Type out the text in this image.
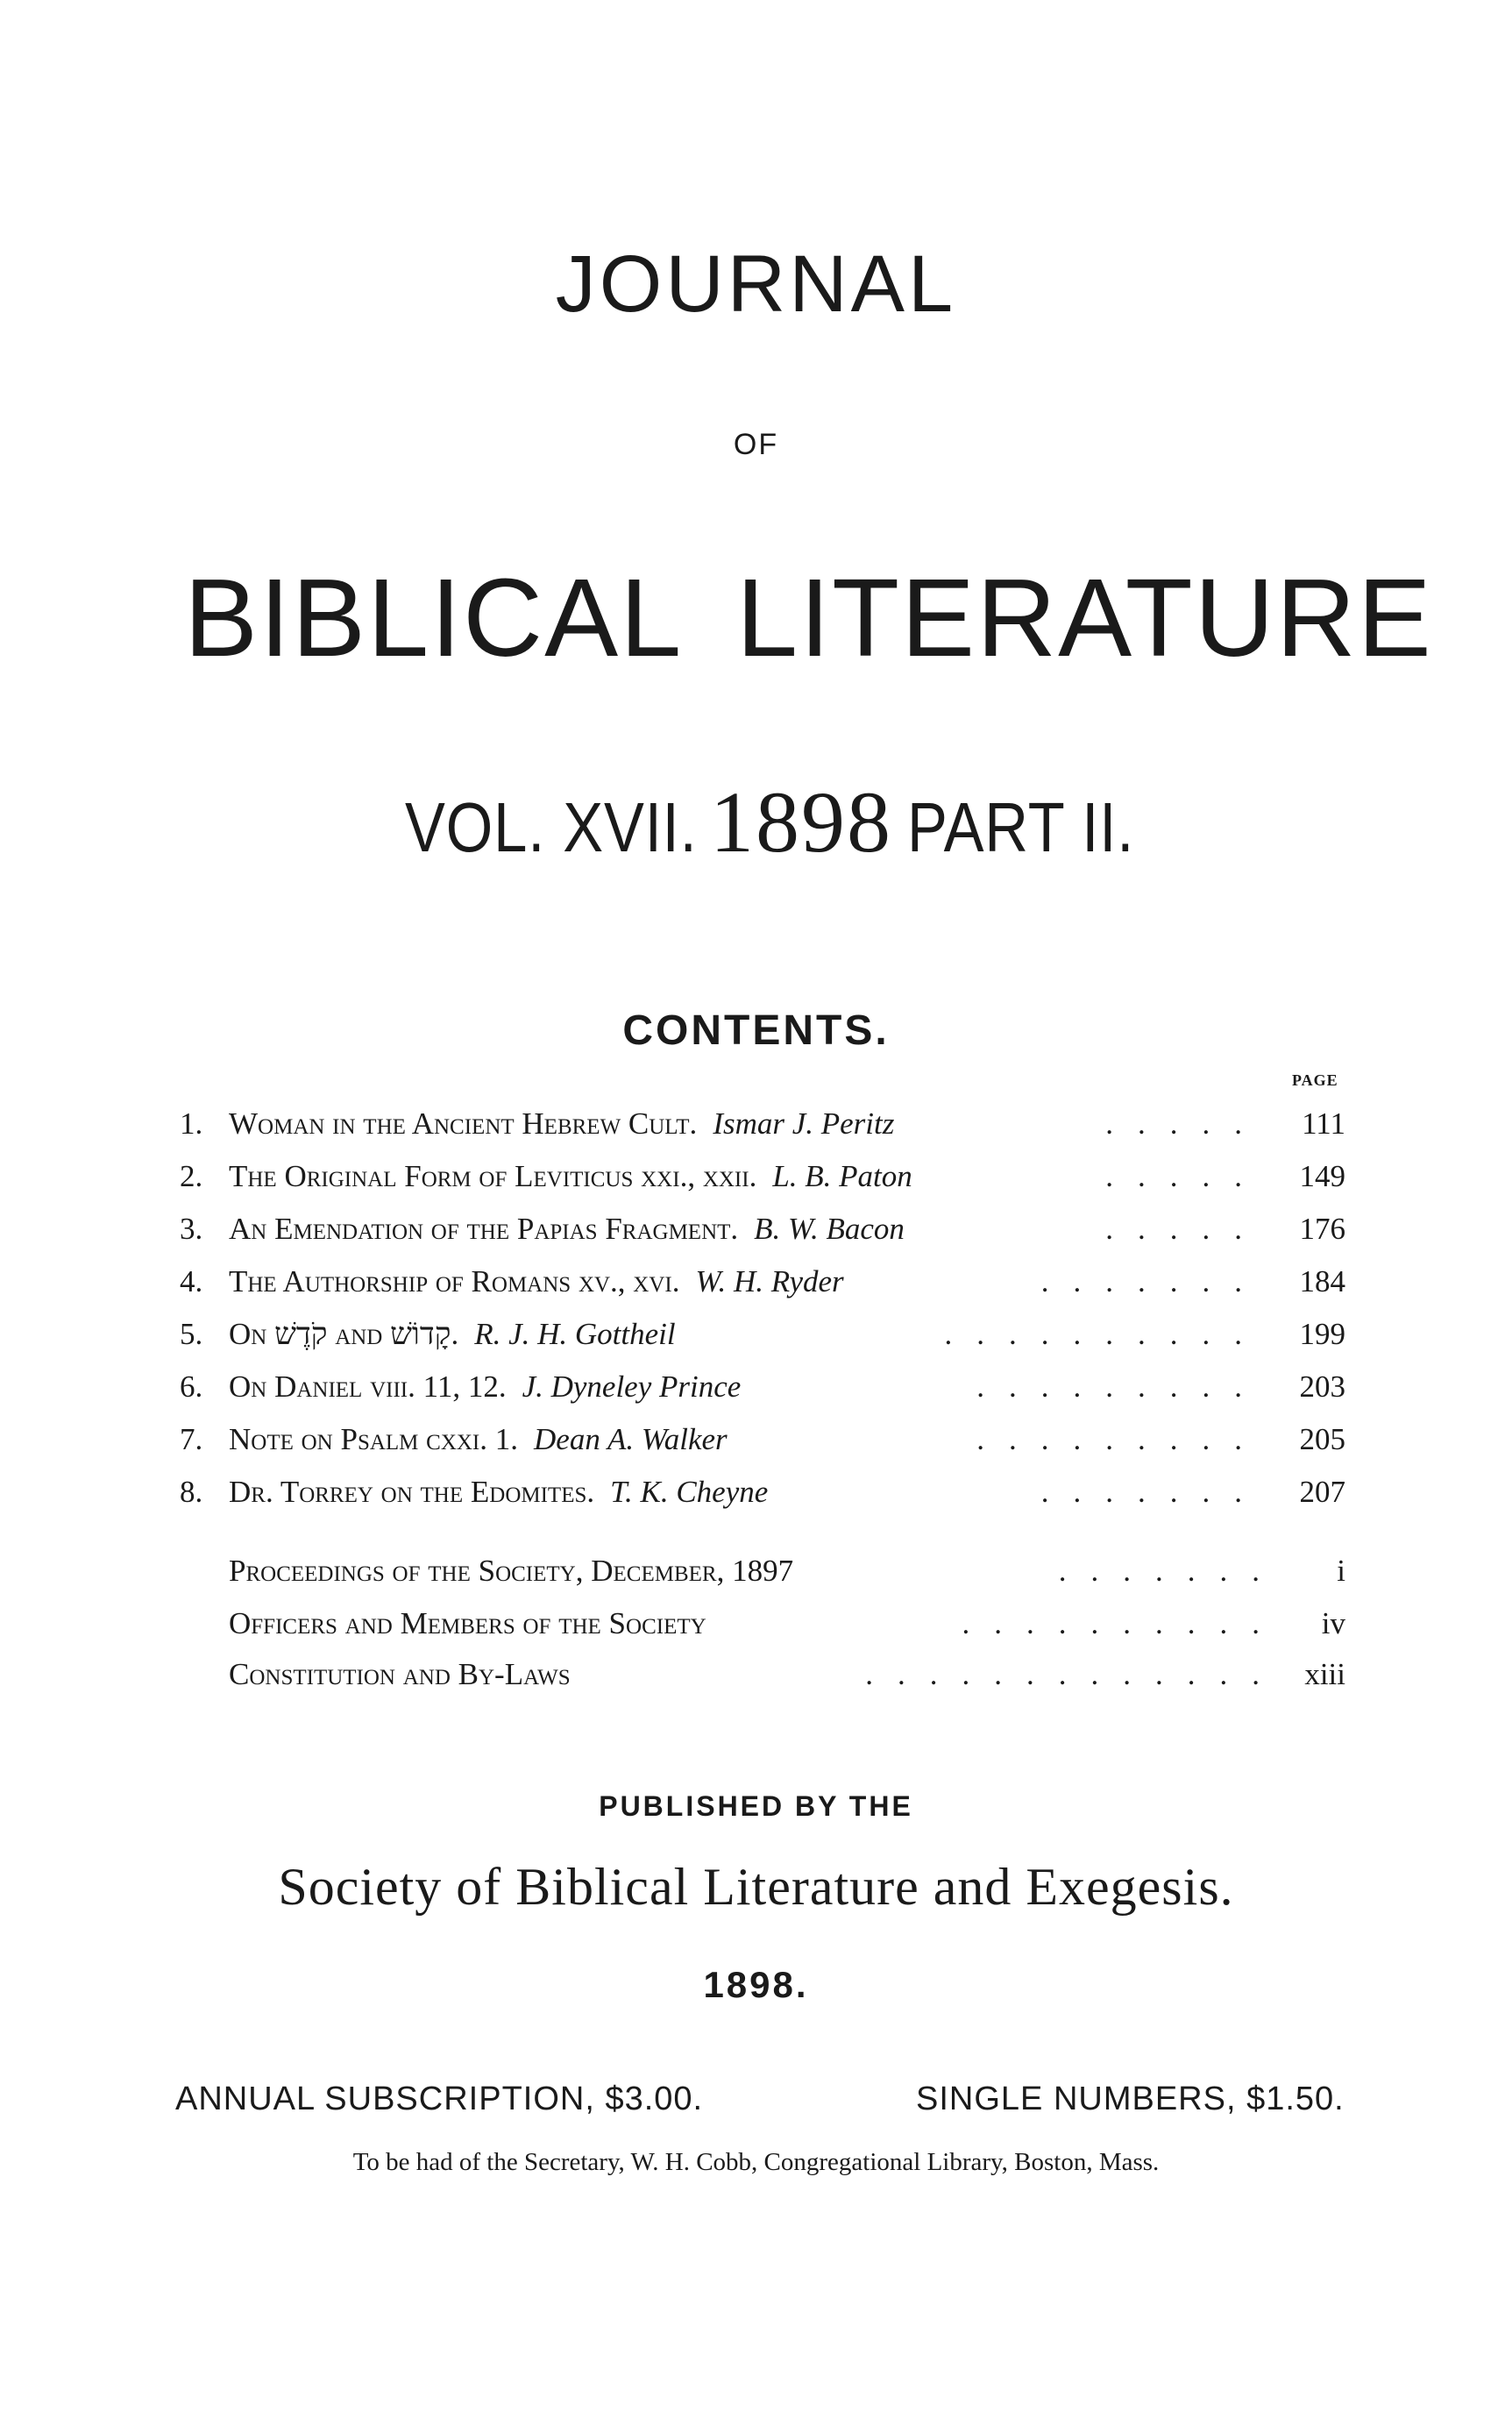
JOURNAL
OF
BIBLICAL LITERATURE
VOL. XVII. 1898 PART II.
CONTENTS.
PAGE
1. Woman in the Ancient Hebrew Cult. Ismar J. Peritz	..... 111
2. The Original Form of Leviticus xxi., xxii. L. B. Paton	..... 149
3. An Emendation of the Papias Fragment. B. W. Bacon	..... 176
4. The Authorship of Romans xv., xvi. W. H. Ryder	....... 184
5. On קֹדֶשׁ and קָדוֹשׁ. R. J. H. Gottheil	.......... 199
6. On Daniel viii. 11, 12. J. Dyneley Prince	......... 203
7. Note on Psalm cxxi. 1. Dean A. Walker	......... 205
8. Dr. Torrey on the Edomites. T. K. Cheyne	....... 207
Proceedings of the Society, December, 1897	....... i
Officers and Members of the Society	.......... iv
Constitution and By-Laws	............. xiii
PUBLISHED BY THE
Society of Biblical Literature and Exegesis.
1898.
ANNUAL SUBSCRIPTION, $3.00.	SINGLE NUMBERS, $1.50.
To be had of the Secretary, W. H. Cobb, Congregational Library, Boston, Mass.
